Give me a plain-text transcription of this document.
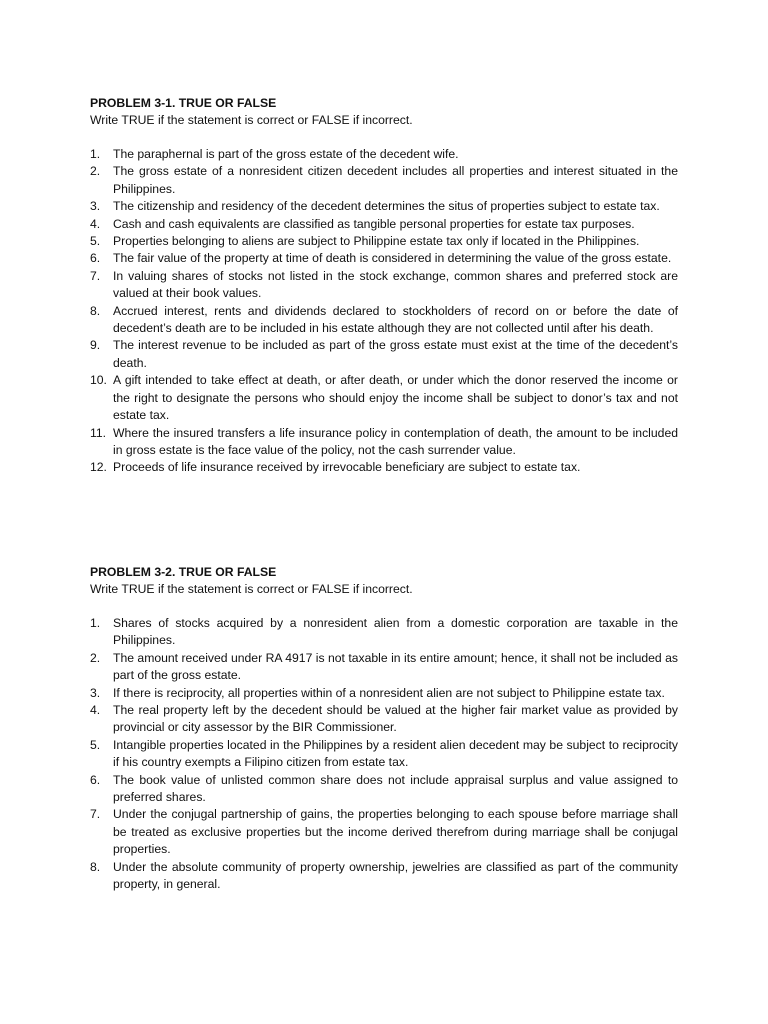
PROBLEM 3-1. TRUE OR FALSE

Write TRUE if the statement is correct or FALSE if incorrect.

1.	The paraphernal is part of the gross estate of the decedent wife.
2.	The gross estate of a nonresident citizen decedent includes all properties and interest situated in the Philippines.
3.	The citizenship and residency of the decedent determines the situs of properties subject to estate tax.
4.	Cash and cash equivalents are classified as tangible personal properties for estate tax purposes.
5.	Properties belonging to aliens are subject to Philippine estate tax only if located in the Philippines.
6.	The fair value of the property at time of death is considered in determining the value of the gross estate.
7.	In valuing shares of stocks not listed in the stock exchange, common shares and preferred stock are valued at their book values.
8.	Accrued interest, rents and dividends declared to stockholders of record on or before the date of decedent’s death are to be included in his estate although they are not collected until after his death.
9.	The interest revenue to be included as part of the gross estate must exist at the time of the decedent’s death.
10. A gift intended to take effect at death, or after death, or under which the donor reserved the income or the right to designate the persons who should enjoy the income shall be subject to donor’s tax and not estate tax.
11. Where the insured transfers a life insurance policy in contemplation of death, the amount to be included in gross estate is the face value of the policy, not the cash surrender value.
12. Proceeds of life insurance received by irrevocable beneficiary are subject to estate tax.

PROBLEM 3-2. TRUE OR FALSE

Write TRUE if the statement is correct or FALSE if incorrect.

1.	Shares of stocks acquired by a nonresident alien from a domestic corporation are taxable in the Philippines.
2.	The amount received under RA 4917 is not taxable in its entire amount; hence, it shall not be included as part of the gross estate.
3.	If there is reciprocity, all properties within of a nonresident alien are not subject to Philippine estate tax.
4.	The real property left by the decedent should be valued at the higher fair market value as provided by provincial or city assessor by the BIR Commissioner.
5.	Intangible properties located in the Philippines by a resident alien decedent may be subject to reciprocity if his country exempts a Filipino citizen from estate tax.
6.	The book value of unlisted common share does not include appraisal surplus and value assigned to preferred shares.
7.	Under the conjugal partnership of gains, the properties belonging to each spouse before marriage shall be treated as exclusive properties but the income derived therefrom during marriage shall be conjugal properties.
8.	Under the absolute community of property ownership, jewelries are classified as part of the community property, in general.
